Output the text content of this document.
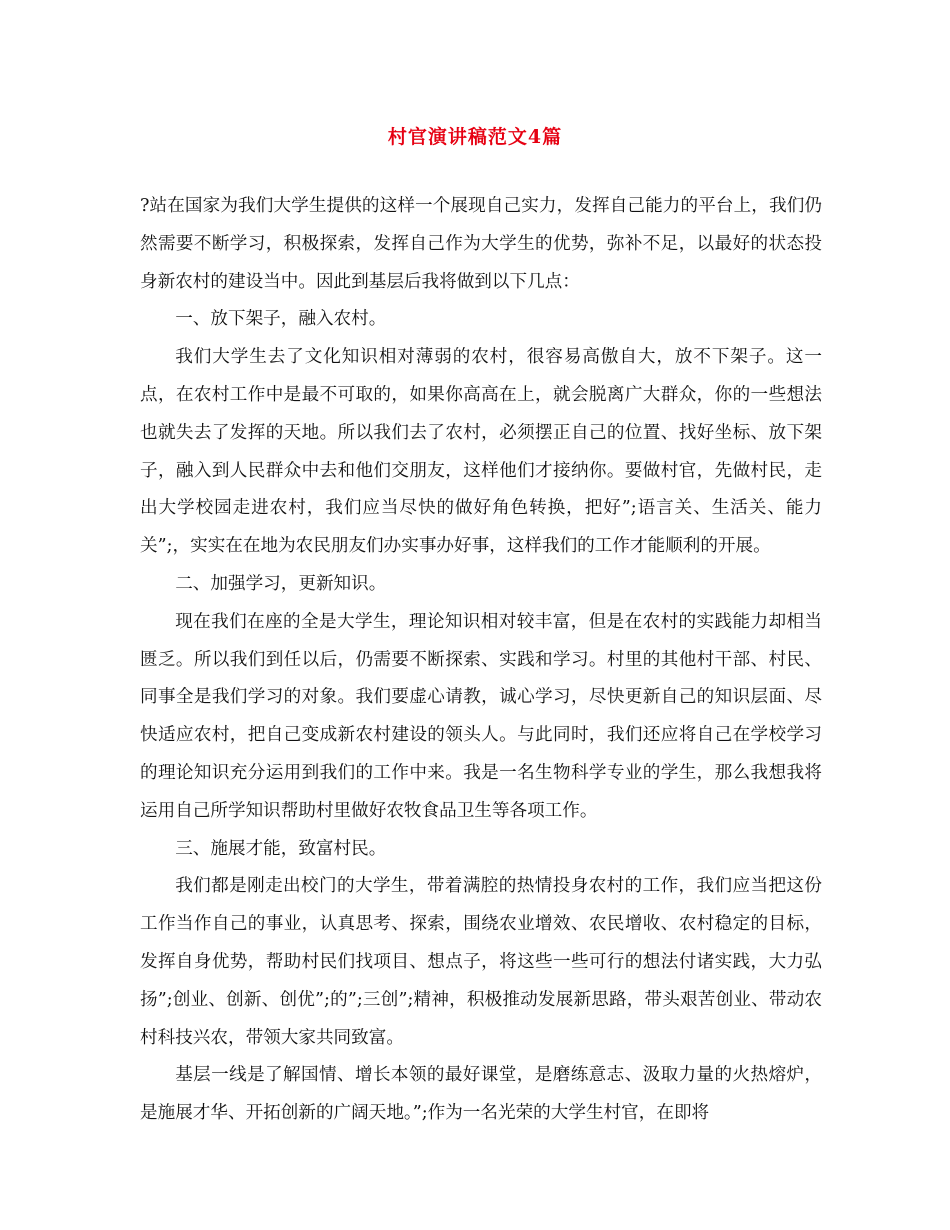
村官演讲稿范文4篇

?站在国家为我们大学生提供的这样一个展现自己实力，发挥自己能力的平台上，我们仍然需要不断学习，积极探索，发挥自己作为大学生的优势，弥补不足，以最好的状态投身新农村的建设当中。因此到基层后我将做到以下几点：

一、放下架子，融入农村。

我们大学生去了文化知识相对薄弱的农村，很容易高傲自大，放不下架子。这一点，在农村工作中是最不可取的，如果你高高在上，就会脱离广大群众，你的一些想法也就失去了发挥的天地。所以我们去了农村，必须摆正自己的位置、找好坐标、放下架子，融入到人民群众中去和他们交朋友，这样他们才接纳你。要做村官，先做村民，走出大学校园走进农村，我们应当尽快的做好角色转换，把好”;语言关、生活关、能力关”;，实实在在地为农民朋友们办实事办好事，这样我们的工作才能顺利的开展。

二、加强学习，更新知识。

现在我们在座的全是大学生，理论知识相对较丰富，但是在农村的实践能力却相当匮乏。所以我们到任以后，仍需要不断探索、实践和学习。村里的其他村干部、村民、同事全是我们学习的对象。我们要虚心请教，诚心学习，尽快更新自己的知识层面、尽快适应农村，把自己变成新农村建设的领头人。与此同时，我们还应将自己在学校学习的理论知识充分运用到我们的工作中来。我是一名生物科学专业的学生，那么我想我将运用自己所学知识帮助村里做好农牧食品卫生等各项工作。

三、施展才能，致富村民。

我们都是刚走出校门的大学生，带着满腔的热情投身农村的工作，我们应当把这份工作当作自己的事业，认真思考、探索，围绕农业增效、农民增收、农村稳定的目标，发挥自身优势，帮助村民们找项目、想点子，将这些一些可行的想法付诸实践，大力弘扬”;创业、创新、创优”;的”;三创”;精神，积极推动发展新思路，带头艰苦创业、带动农村科技兴农，带领大家共同致富。

基层一线是了解国情、增长本领的最好课堂，是磨练意志、汲取力量的火热熔炉，是施展才华、开拓创新的广阔天地。”;作为一名光荣的大学生村官，在即将
